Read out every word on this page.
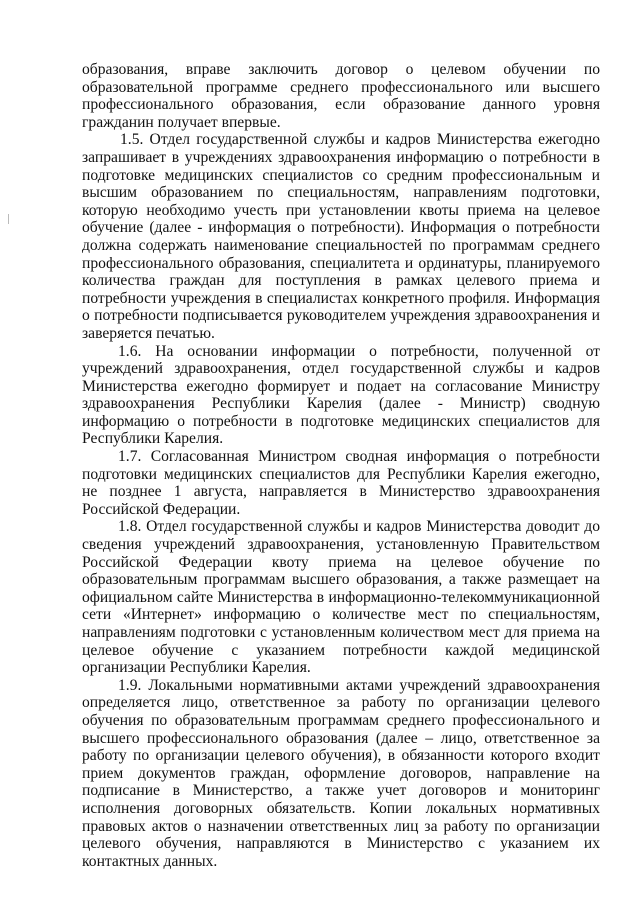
образования, вправе заключить договор о целевом обучении по образовательной программе среднего профессионального или высшего профессионального образования, если образование данного уровня гражданин получает впервые.

1.5. Отдел государственной службы и кадров Министерства ежегодно запрашивает в учреждениях здравоохранения информацию о потребности в подготовке медицинских специалистов со средним профессиональным и высшим образованием по специальностям, направлениям подготовки, которую необходимо учесть при установлении квоты приема на целевое обучение (далее - информация о потребности). Информация о потребности должна содержать наименование специальностей по программам среднего профессионального образования, специалитета и ординатуры, планируемого количества граждан для поступления в рамках целевого приема и потребности учреждения в специалистах конкретного профиля. Информация о потребности подписывается руководителем учреждения здравоохранения и заверяется печатью.

1.6. На основании информации о потребности, полученной от учреждений здравоохранения, отдел государственной службы и кадров Министерства ежегодно формирует и подает на согласование Министру здравоохранения Республики Карелия (далее - Министр) сводную информацию о потребности в подготовке медицинских специалистов для Республики Карелия.

1.7. Согласованная Министром сводная информация о потребности подготовки медицинских специалистов для Республики Карелия ежегодно, не позднее 1 августа, направляется в Министерство здравоохранения Российской Федерации.

1.8. Отдел государственной службы и кадров Министерства доводит до сведения учреждений здравоохранения, установленную Правительством Российской Федерации квоту приема на целевое обучение по образовательным программам высшего образования, а также размещает на официальном сайте Министерства в информационно-телекоммуникационной сети «Интернет» информацию о количестве мест по специальностям, направлениям подготовки с установленным количеством мест для приема на целевое обучение с указанием потребности каждой медицинской организации Республики Карелия.

1.9. Локальными нормативными актами учреждений здравоохранения определяется лицо, ответственное за работу по организации целевого обучения по образовательным программам среднего профессионального и высшего профессионального образования (далее – лицо, ответственное за работу по организации целевого обучения), в обязанности которого входит прием документов граждан, оформление договоров, направление на подписание в Министерство, а также учет договоров и мониторинг исполнения договорных обязательств. Копии локальных нормативных правовых актов о назначении ответственных лиц за работу по организации целевого обучения, направляются в Министерство с указанием их контактных данных.
